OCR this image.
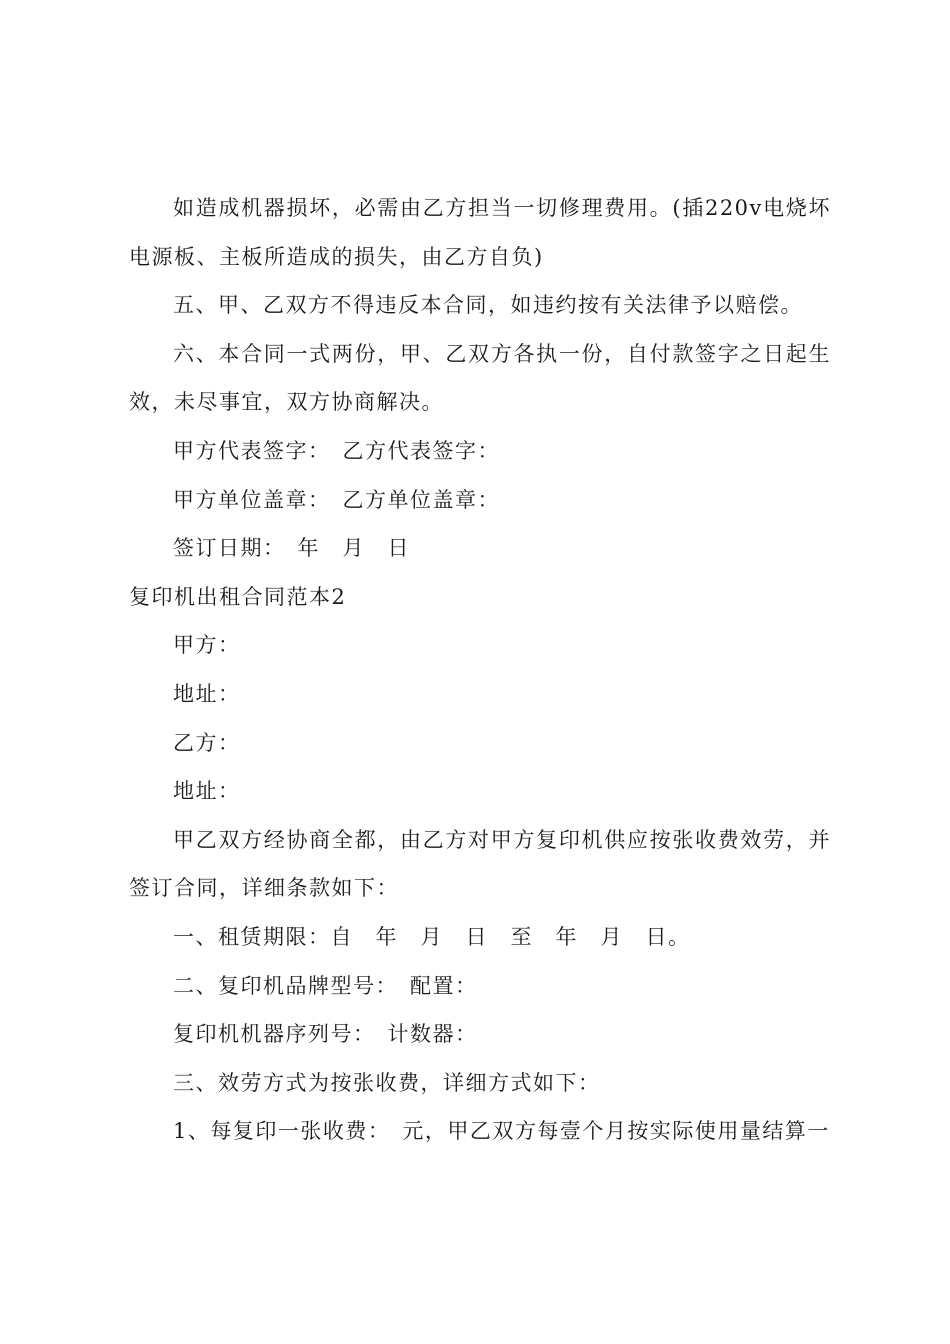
如造成机器损坏，必需由乙方担当一切修理费用。(插220v电烧坏电源板、主板所造成的损失，由乙方自负)

五、甲、乙双方不得违反本合同，如违约按有关法律予以赔偿。

六、本合同一式两份，甲、乙双方各执一份，自付款签字之日起生效，未尽事宜，双方协商解决。

甲方代表签字：　乙方代表签字：

甲方单位盖章：　乙方单位盖章：

签订日期：　年　月　日

复印机出租合同范本2

甲方：

地址：

乙方：

地址：

甲乙双方经协商全都，由乙方对甲方复印机供应按张收费效劳，并签订合同，详细条款如下：

一、租赁期限：自　年　月　日　至　年　月　日。

二、复印机品牌型号：　配置：

复印机机器序列号：　计数器：

三、效劳方式为按张收费，详细方式如下：

1、每复印一张收费：　元，甲乙双方每壹个月按实际使用量结算一
